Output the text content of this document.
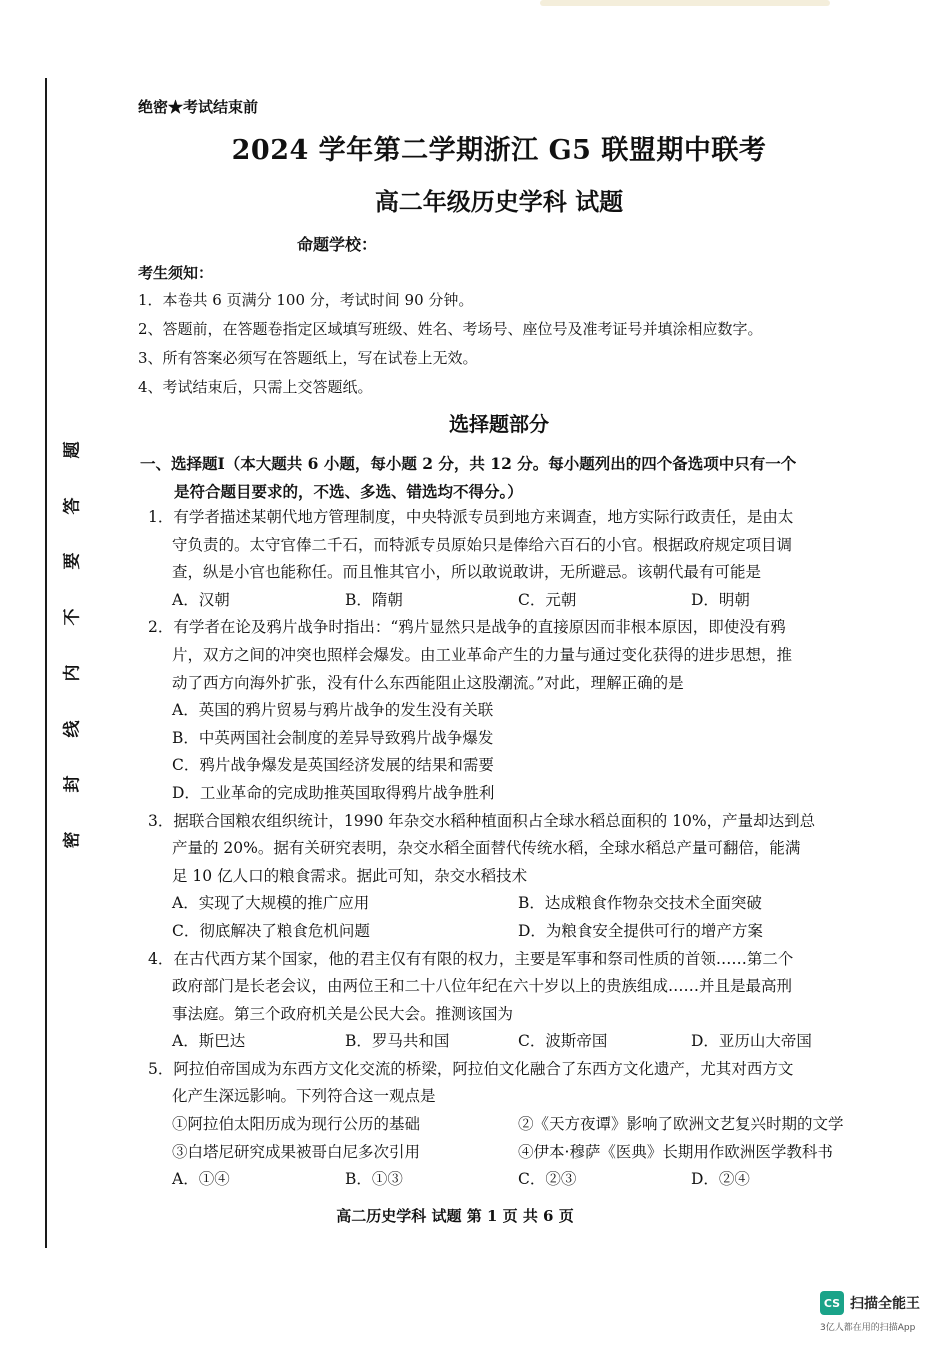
题
答
要
不
内
线
封
密
绝密★考试结束前
2024 学年第二学期浙江 G5 联盟期中联考
高二年级历史学科 试题
命题学校：
考生须知：
1．本卷共 6 页满分 100 分，考试时间 90 分钟。
2、答题前，在答题卷指定区域填写班级、姓名、考场号、座位号及准考证号并填涂相应数字。
3、所有答案必须写在答题纸上，写在试卷上无效。
4、考试结束后，只需上交答题纸。
选择题部分
一、选择题Ⅰ（本大题共 6 小题，每小题 2 分，共 12 分。每小题列出的四个备选项中只有一个
是符合题目要求的，不选、多选、错选均不得分。）
1．有学者描述某朝代地方管理制度，中央特派专员到地方来调查，地方实际行政责任，是由太
守负责的。太守官俸二千石，而特派专员原始只是俸给六百石的小官。根据政府规定项目调
查，纵是小官也能称任。而且惟其官小，所以敢说敢讲，无所避忌。该朝代最有可能是
A．汉朝	B．隋朝	C．元朝	D．明朝
2．有学者在论及鸦片战争时指出：“鸦片显然只是战争的直接原因而非根本原因，即使没有鸦
片，双方之间的冲突也照样会爆发。由工业革命产生的力量与通过变化获得的进步思想，推
动了西方向海外扩张，没有什么东西能阻止这股潮流。”对此，理解正确的是
A．英国的鸦片贸易与鸦片战争的发生没有关联
B．中英两国社会制度的差异导致鸦片战争爆发
C．鸦片战争爆发是英国经济发展的结果和需要
D．工业革命的完成助推英国取得鸦片战争胜利
3．据联合国粮农组织统计，1990 年杂交水稻种植面积占全球水稻总面积的 10%，产量却达到总
产量的 20%。据有关研究表明，杂交水稻全面替代传统水稻，全球水稻总产量可翻倍，能满
足 10 亿人口的粮食需求。据此可知，杂交水稻技术
A．实现了大规模的推广应用	B．达成粮食作物杂交技术全面突破
C．彻底解决了粮食危机问题	D．为粮食安全提供可行的增产方案
4．在古代西方某个国家，他的君主仅有有限的权力，主要是军事和祭司性质的首领……第二个
政府部门是长老会议，由两位王和二十八位年纪在六十岁以上的贵族组成……并且是最高刑
事法庭。第三个政府机关是公民大会。推测该国为
A．斯巴达	B．罗马共和国	C．波斯帝国	D．亚历山大帝国
5．阿拉伯帝国成为东西方文化交流的桥梁，阿拉伯文化融合了东西方文化遗产，尤其对西方文
化产生深远影响。下列符合这一观点是
①阿拉伯太阳历成为现行公历的基础	②《天方夜谭》影响了欧洲文艺复兴时期的文学
③白塔尼研究成果被哥白尼多次引用	④伊本·穆萨《医典》长期用作欧洲医学教科书
A．①④	B．①③	C．②③	D．②④
高二历史学科 试题 第 1 页 共 6 页
CS 扫描全能王
3亿人都在用的扫描App
